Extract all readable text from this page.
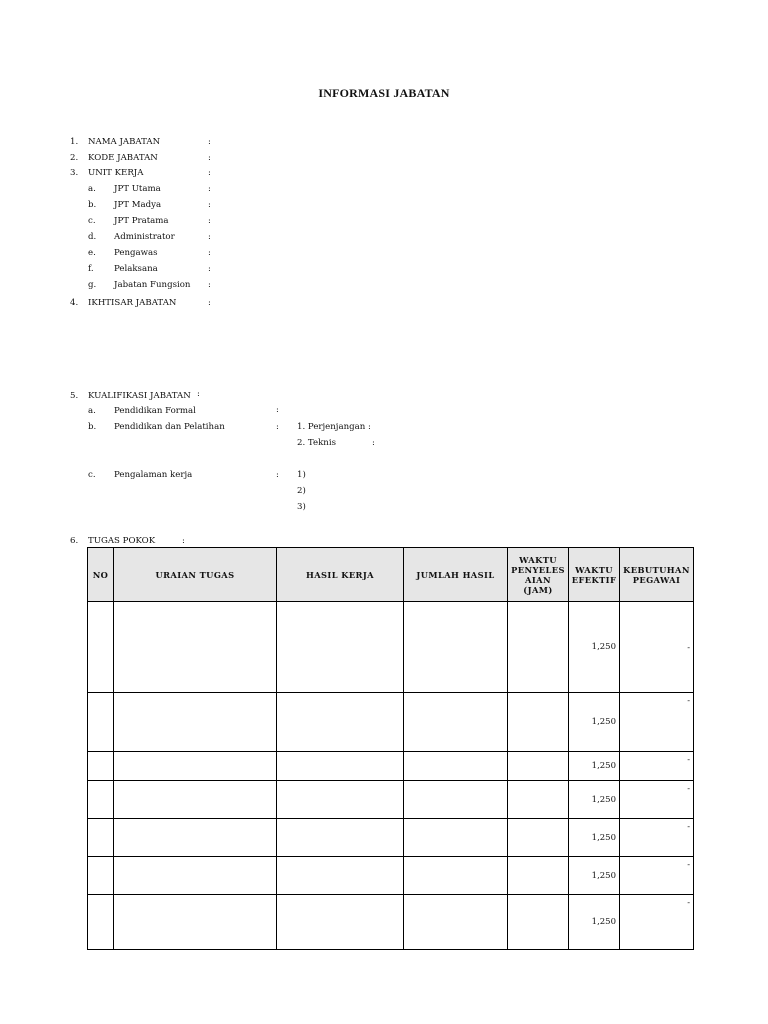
INFORMASI JABATAN
1. NAMA JABATAN	:
2. KODE JABATAN	:
3. UNIT KERJA	:
a. JPT Utama	:
b. JPT Madya	:
c. JPT Pratama	:
d. Administrator	:
e. Pengawas	:
f. Pelaksana	:
g. Jabatan Fungsion :
4. IKHTISAR JABATAN	:
5. KUALIFIKASI JABATAN :
a. Pendidikan Formal	:
b. Pendidikan dan Pelatihan	: 1. Perjenjangan :
2. Teknis	:
c. Pengalaman kerja	: 1)
2)
3)
6. TUGAS POKOK	:
NO	URAIAN TUGAS	HASIL KERJA	JUMLAH HASIL	WAKTU PENYELES AIAN (JAM)	WAKTU EFEKTIF	KEBUTUHAN PEGAWAI
					1,250	-
					1,250	-
					1,250	-
					1,250	-
					1,250	-
					1,250	-
					1,250	-
